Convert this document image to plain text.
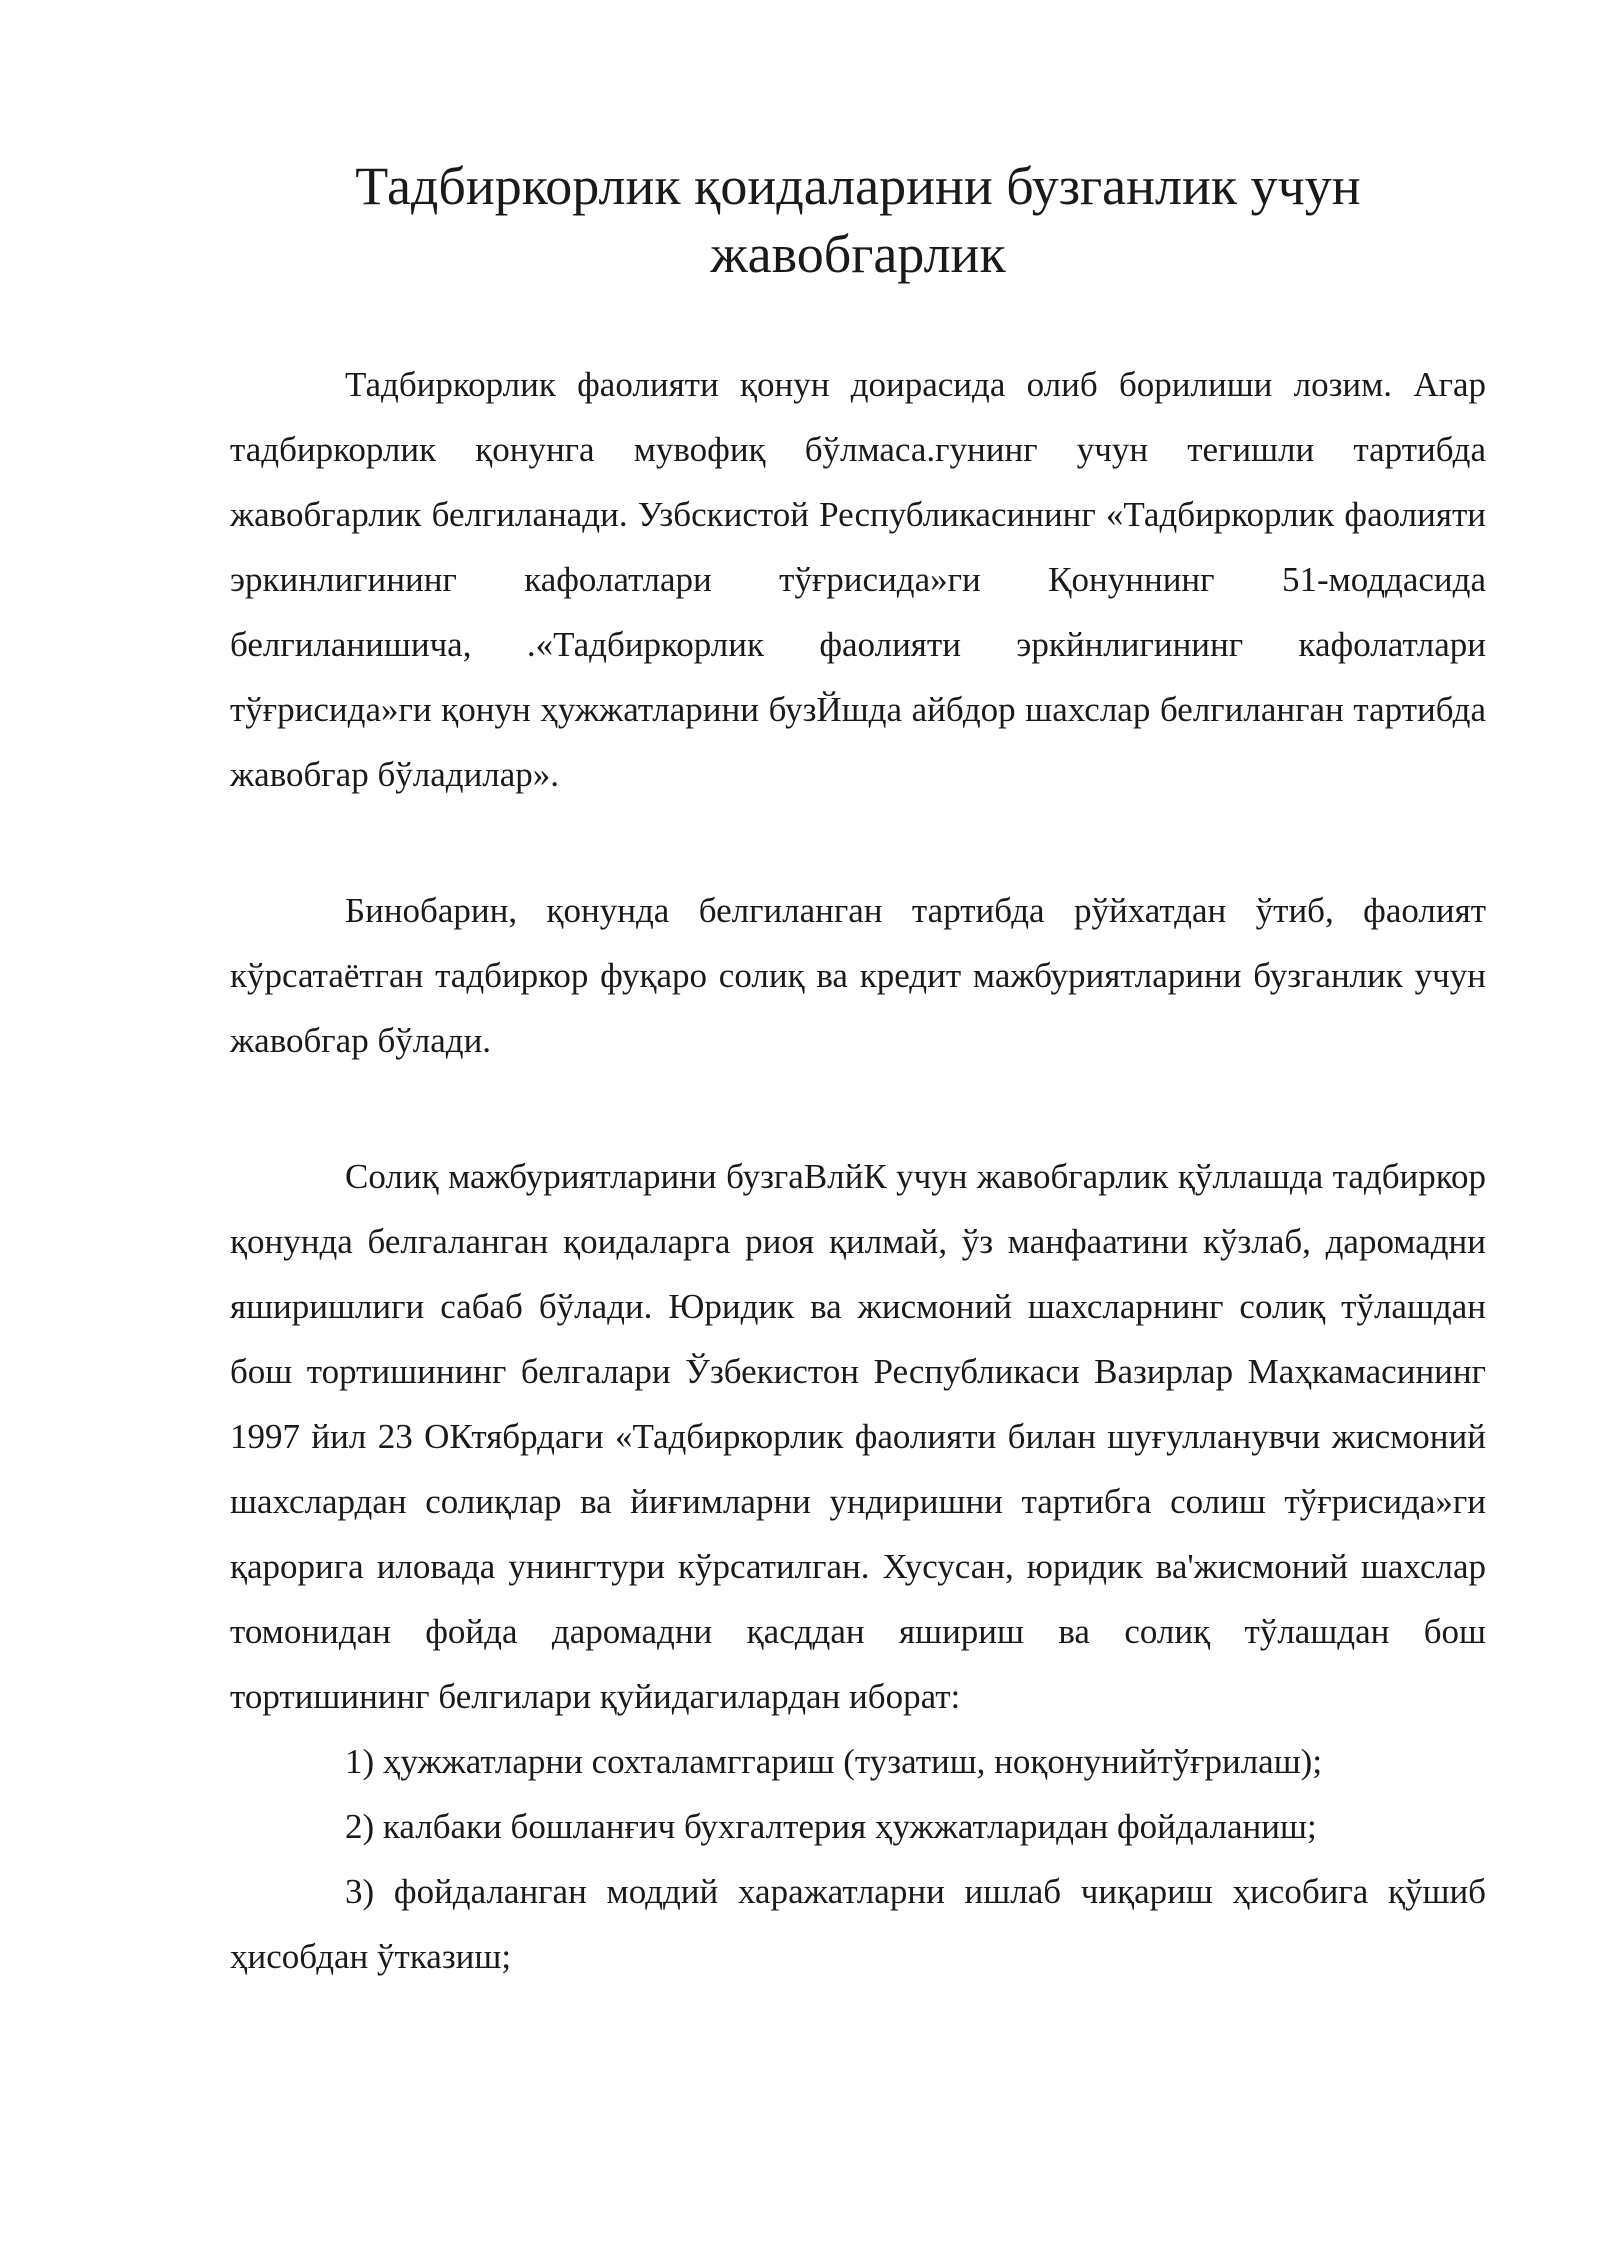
Тадбиркорлик қоидаларини бузганлик учун
жавобгарлик

Тадбиркорлик фаолияти қонун доирасида олиб борилиши лозим. Агар тадбиркорлик қонунга мувофиқ бўлмаса.гунинг учун тегишли тартибда жавобгарлик белгиланади. Узбскистой Республикасининг «Тадбиркорлик фаолияти эркинлигининг кафолатлари тўғрисида»ги Қонуннинг 51-моддасида белгиланишича, .«Тадбиркорлик фаолияти эркйнлигининг кафолатлари тўғрисида»ги қонун ҳужжатларини бузЙшда айбдор шахслар белгиланган тартибда жавобгар бўладилар».

Бинобарин, қонунда белгиланган тартибда рўйхатдан ўтиб, фаолият кўрсатаётган тадбиркор фуқаро солиқ ва кредит мажбуриятларини бузганлик учун жавобгар бўлади.

Солиқ мажбуриятларини бузгаВлйК учун жавобгарлик қўллашда тадбиркор қонунда белгаланган қоидаларга риоя қилмай, ўз манфаатини кўзлаб, даромадни яширишлиги сабаб бўлади. Юридик ва жисмоний шахсларнинг солиқ тўлашдан бош тортишининг белгалари Ўзбекистон Республикаси Вазирлар Маҳкамасининг 1997 йил 23 ОКтябрдаги «Тадбиркорлик фаолияти билан шуғулланувчи жисмоний шахслардан солиқлар ва йиғимларни ундиришни тартибга солиш тўғрисида»ги қарорига иловада унингтури кўрсатилган. Хусусан, юридик ва'жисмоний шахслар томонидан фойда даромадни қасддан яшириш ва солиқ тўлашдан бош тортишининг белгилари қуйидагилардан иборат:

1) ҳужжатларни сохталамггариш (тузатиш, ноқонунийтўғрилаш);

2) калбаки бошланғич бухгалтерия ҳужжатларидан фойдаланиш;

3) фойдаланган моддий харажатларни ишлаб чиқариш ҳисобига қўшиб ҳисобдан ўтказиш;
